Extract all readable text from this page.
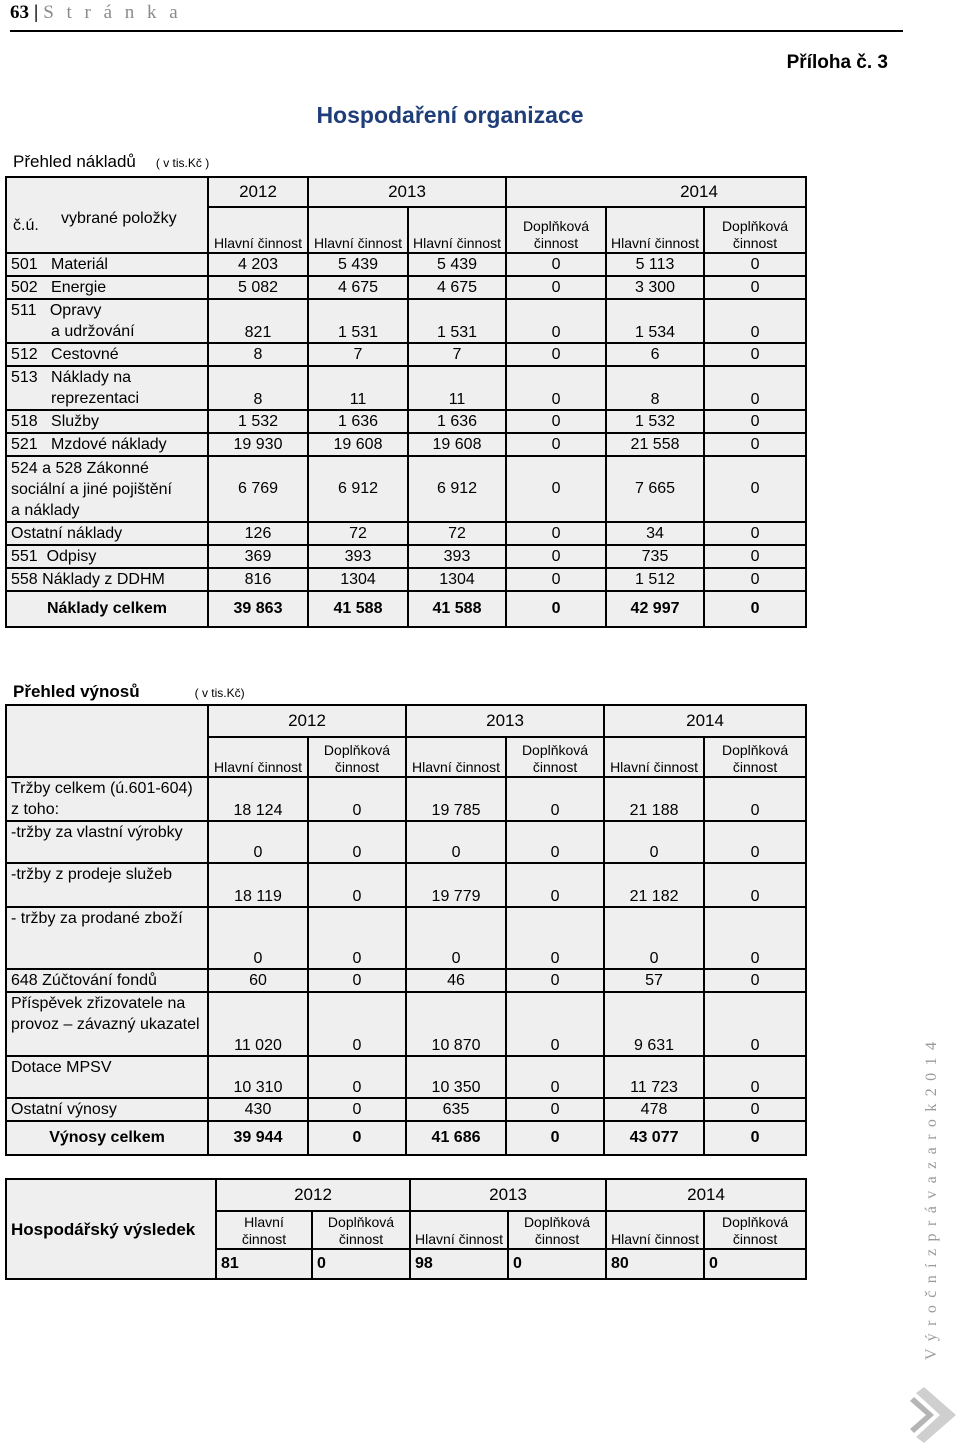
63 | S t r á n k a
Příloha č. 3
Hospodaření organizace
Přehled nákladů ( v tis.Kč )
č.ú. vybrané položky	2012	2013		2014		
	Hlavní činnost	Hlavní činnost	Hlavní činnost	Doplňková činnost	Hlavní činnost	Doplňková činnost
501   Materiál	4 203	5 439	5 439	0	5 113	0
502   Energie	5 082	4 675	4 675	0	3 300	0
511   Opravy
a udržování	821	1 531	1 531	0	1 534	0
512   Cestovné	8	7	7	0	6	0
513   Náklady na
reprezentaci	8	11	11	0	8	0
518   Služby	1 532	1 636	1 636	0	1 532	0
521   Mzdové náklady	19 930	19 608	19 608	0	21 558	0
524 a 528 Zákonné
sociální a jiné pojištění
a náklady	6 769	6 912	6 912	0	7 665	0
Ostatní náklady	126	72	72	0	34	0
551  Odpisy	369	393	393	0	735	0
558 Náklady z DDHM	816	1304	1304	0	1 512	0
Náklady celkem	39 863	41 588	41 588	0	42 997	0
Přehled výnosů	( v tis.Kč)
	2012		2013		2014	
	Hlavní činnost	Doplňková činnost	Hlavní činnost	Doplňková činnost	Hlavní činnost	Doplňková činnost
Tržby celkem (ú.601-604) z toho:	18 124	0	19 785	0	21 188	0
-tržby za vlastní výrobky	0	0	0	0	0	0
-tržby z prodeje služeb	18 119	0	19 779	0	21 182	0
- tržby za prodané zboží	0	0	0	0	0	0
648 Zúčtování fondů	60	0	46	0	57	0
Příspěvek zřizovatele na provoz – závazný ukazatel	11 020	0	10 870	0	9 631	0
Dotace MPSV	10 310	0	10 350	0	11 723	0
Ostatní výnosy	430	0	635	0	478	0
Výnosy celkem	39 944	0	41 686	0	43 077	0
Hospodářský výsledek	2012		2013		2014	
	Hlavní činnost	Doplňková činnost	Hlavní činnost	Doplňková činnost	Hlavní činnost	Doplňková činnost
	81	0	98	0	80	0
V ý r o č n í z p r á v a z a r o k 2 0 1 4
